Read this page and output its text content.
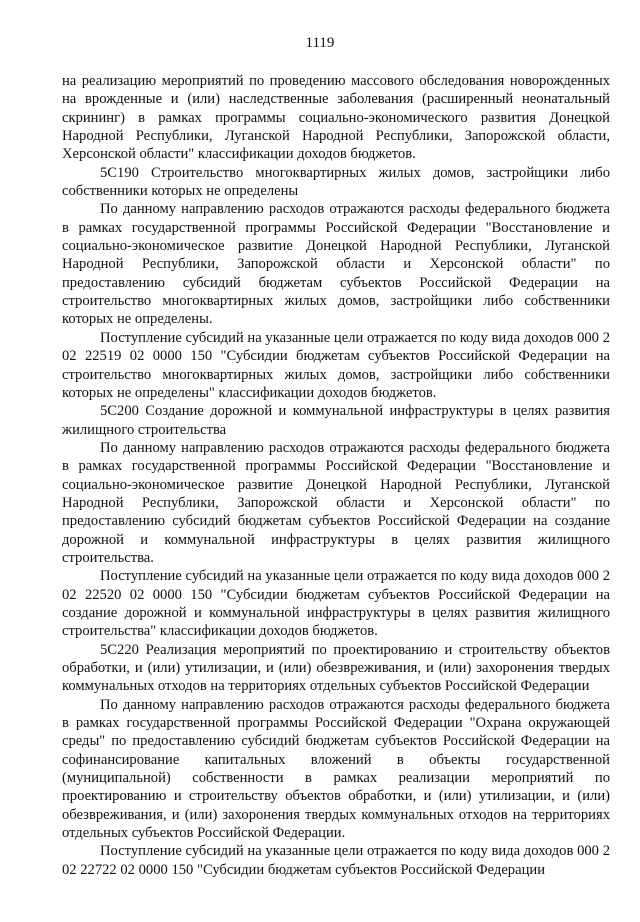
1119

на реализацию мероприятий по проведению массового обследования новорожденных на врожденные и (или) наследственные заболевания (расширенный неонатальный скрининг) в рамках программы социально-экономического развития Донецкой Народной Республики, Луганской Народной Республики, Запорожской области, Херсонской области" классификации доходов бюджетов.

5С190 Строительство многоквартирных жилых домов, застройщики либо собственники которых не определены

По данному направлению расходов отражаются расходы федерального бюджета в рамках государственной программы Российской Федерации "Восстановление и социально-экономическое развитие Донецкой Народной Республики, Луганской Народной Республики, Запорожской области и Херсонской области" по предоставлению субсидий бюджетам субъектов Российской Федерации на строительство многоквартирных жилых домов, застройщики либо собственники которых не определены.

Поступление субсидий на указанные цели отражается по коду вида доходов 000 2 02 22519 02 0000 150 "Субсидии бюджетам субъектов Российской Федерации на строительство многоквартирных жилых домов, застройщики либо собственники которых не определены" классификации доходов бюджетов.

5С200 Создание дорожной и коммунальной инфраструктуры в целях развития жилищного строительства

По данному направлению расходов отражаются расходы федерального бюджета в рамках государственной программы Российской Федерации "Восстановление и социально-экономическое развитие Донецкой Народной Республики, Луганской Народной Республики, Запорожской области и Херсонской области" по предоставлению субсидий бюджетам субъектов Российской Федерации на создание дорожной и коммунальной инфраструктуры в целях развития жилищного строительства.

Поступление субсидий на указанные цели отражается по коду вида доходов 000 2 02 22520 02 0000 150 "Субсидии бюджетам субъектов Российской Федерации на создание дорожной и коммунальной инфраструктуры в целях развития жилищного строительства" классификации доходов бюджетов.

5С220 Реализация мероприятий по проектированию и строительству объектов обработки, и (или) утилизации, и (или) обезвреживания, и (или) захоронения твердых коммунальных отходов на территориях отдельных субъектов Российской Федерации

По данному направлению расходов отражаются расходы федерального бюджета в рамках государственной программы Российской Федерации "Охрана окружающей среды" по предоставлению субсидий бюджетам субъектов Российской Федерации на софинансирование капитальных вложений в объекты государственной (муниципальной) собственности в рамках реализации мероприятий по проектированию и строительству объектов обработки, и (или) утилизации, и (или) обезвреживания, и (или) захоронения твердых коммунальных отходов на территориях отдельных субъектов Российской Федерации.

Поступление субсидий на указанные цели отражается по коду вида доходов 000 2 02 22722 02 0000 150 "Субсидии бюджетам субъектов Российской Федерации
